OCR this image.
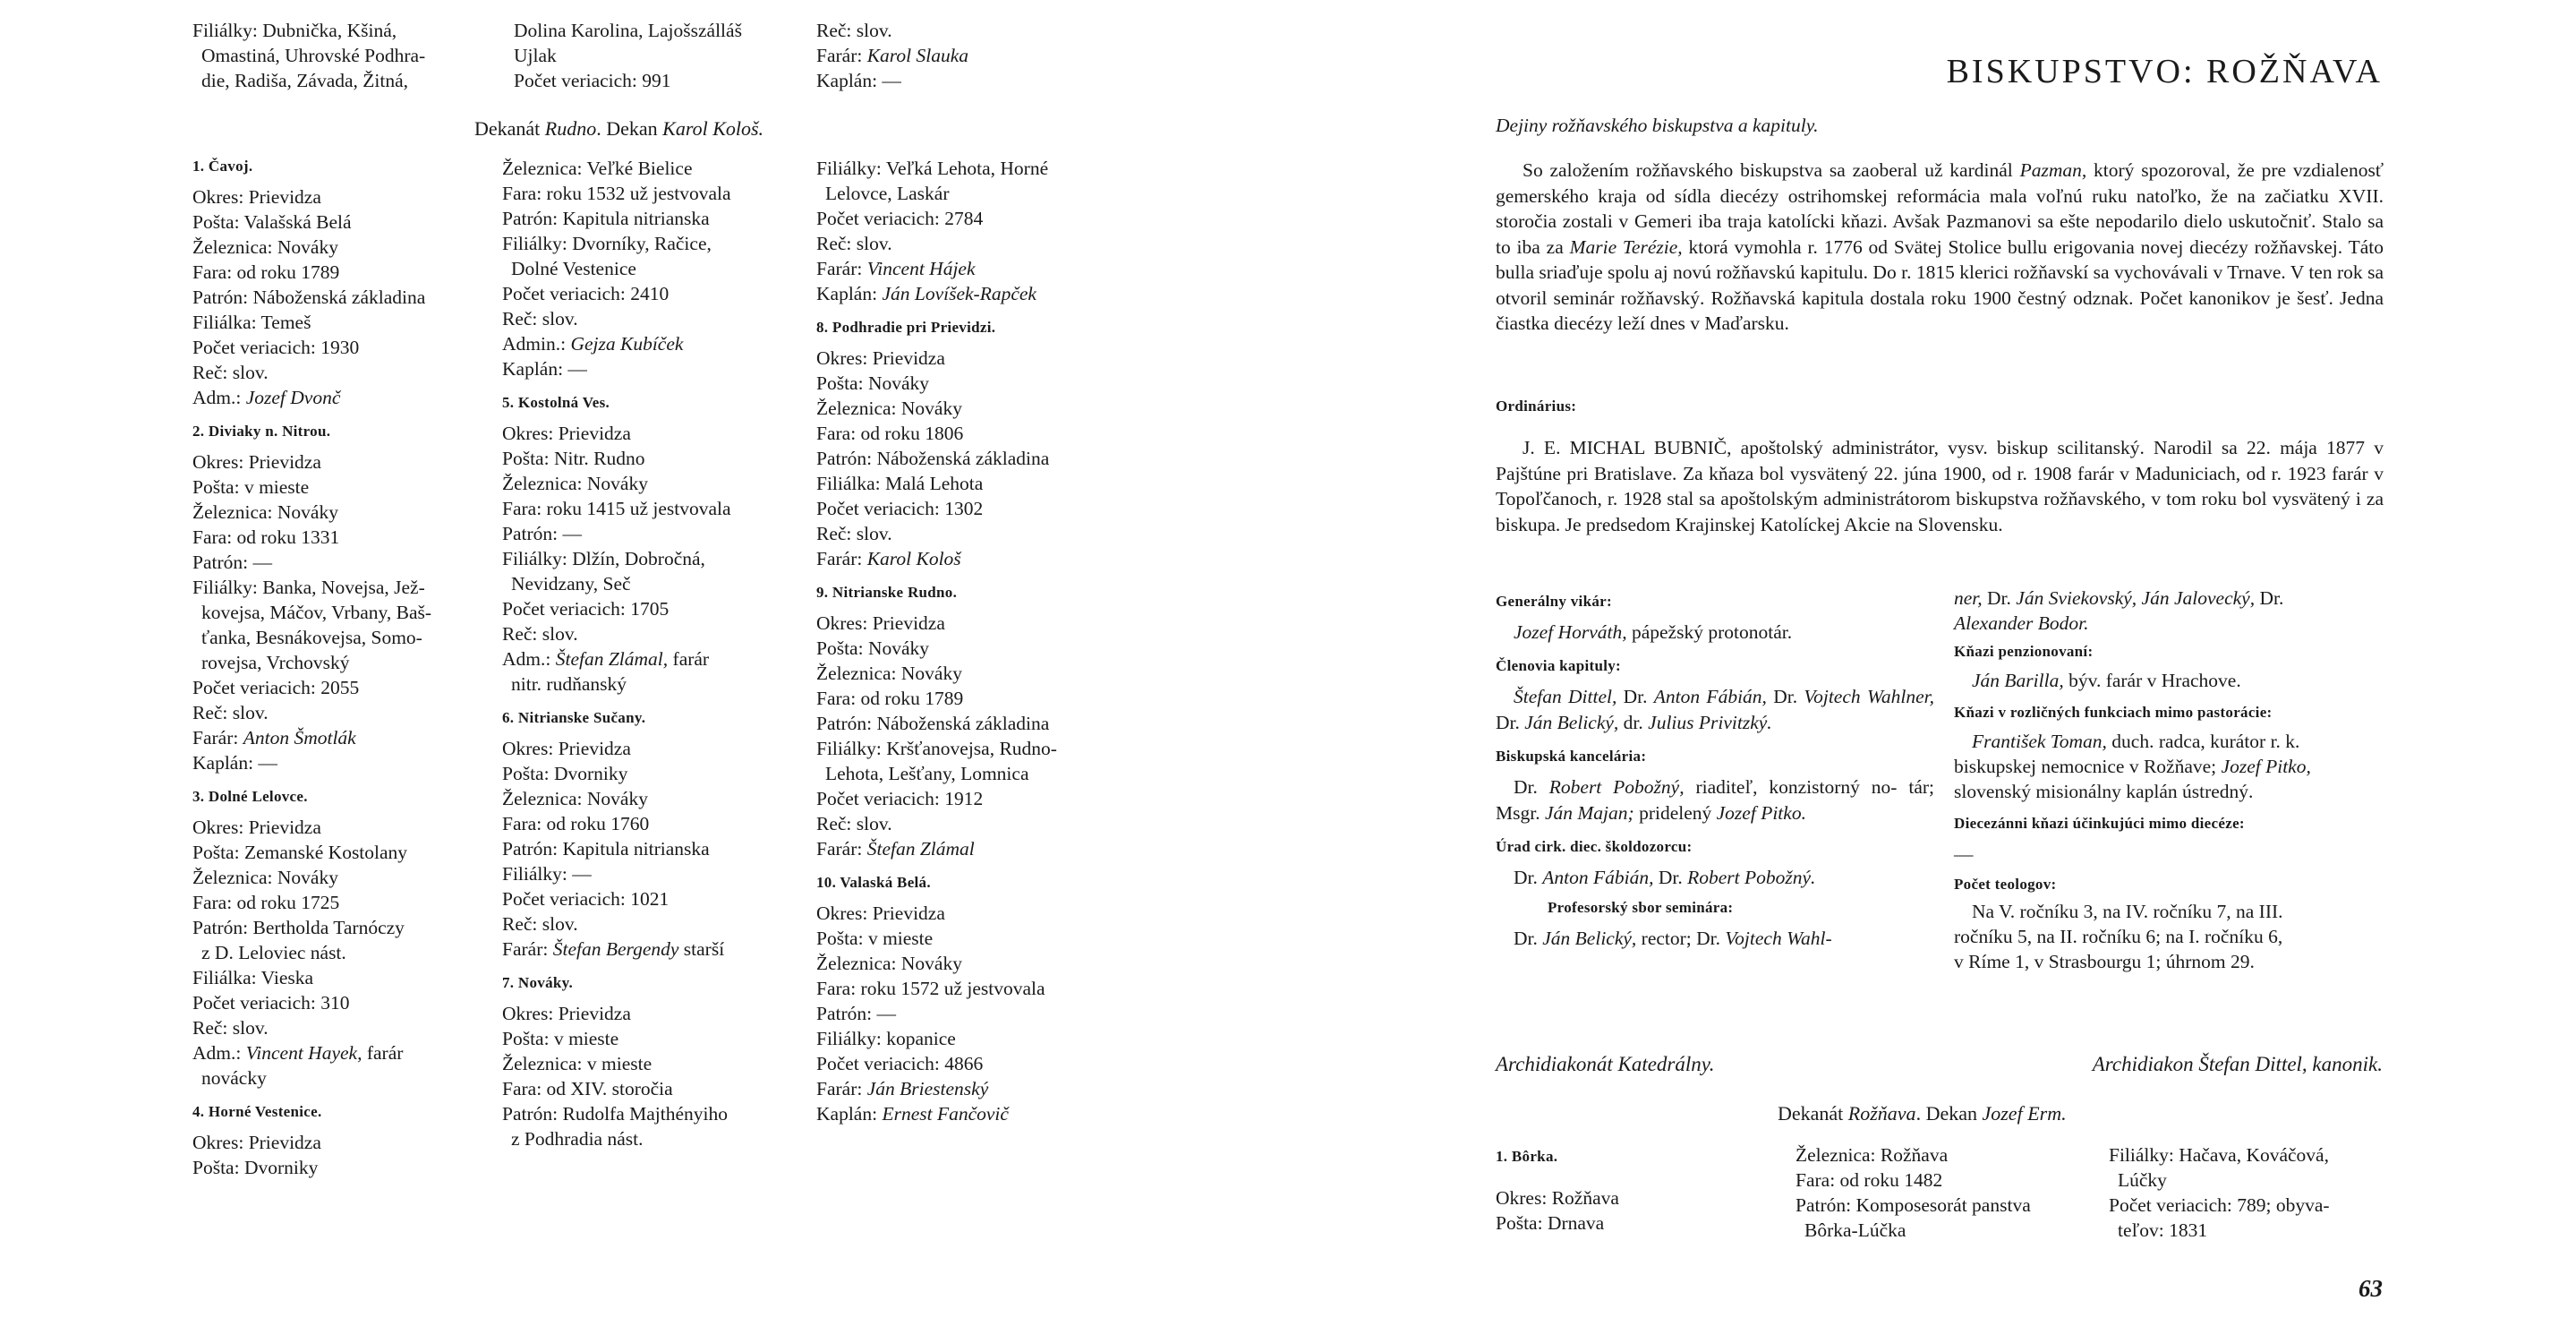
Filiálky: Dubnička, Kšiná,
Omastiná, Uhrovské Podhra-
die, Radiša, Závada, Žitná,
Dolina Karolina, Lajošszálláš
Ujlak
Počet veriacich: 991
Reč: slov.
Farár: Karol Slauka
Kaplán: —
Dekanát Rudno. Dekan Karol Kološ.
1. Čavoj.
Okres: Prievidza
Pošta: Valašská Belá
Železnica: Nováky
Fara: od roku 1789
Patrón: Náboženská základina
Filiálka: Temeš
Počet veriacich: 1930
Reč: slov.
Adm.: Jozef Dvonč
2. Diviaky n. Nitrou.
Okres: Prievidza
Pošta: v mieste
Železnica: Nováky
Fara: od roku 1331
Patrón: —
Filiálky: Banka, Novejsa, Jež-
kovejsa, Máčov, Vrbany, Baš-
ťanka, Besnákovejsa, Somo-
rovejsa, Vrchovský
Počet veriacich: 2055
Reč: slov.
Farár: Anton Šmotlák
Kaplán: —
3. Dolné Lelovce.
Okres: Prievidza
Pošta: Zemanské Kostolany
Železnica: Nováky
Fara: od roku 1725
Patrón: Bertholda Tarnóczy
z D. Leloviec nást.
Filiálka: Vieska
Počet veriacich: 310
Reč: slov.
Adm.: Vincent Hayek, farár
novácky
4. Horné Vestenice.
Okres: Prievidza
Pošta: Dvorniky
Železnica: Veľké Bielice
Fara: roku 1532 už jestvovala
Patrón: Kapitula nitrianska
Filiálky: Dvorníky, Račice,
Dolné Vestenice
Počet veriacich: 2410
Reč: slov.
Admin.: Gejza Kubíček
Kaplán: —
5. Kostolná Ves.
Okres: Prievidza
Pošta: Nitr. Rudno
Železnica: Nováky
Fara: roku 1415 už jestvovala
Patrón: —
Filiálky: Dlžín, Dobročná,
Nevidzany, Seč
Počet veriacich: 1705
Reč: slov.
Adm.: Štefan Zlámal, farár
nitr. rudňanský
6. Nitrianske Sučany.
Okres: Prievidza
Pošta: Dvorniky
Železnica: Nováky
Fara: od roku 1760
Patrón: Kapitula nitrianska
Filiálky: —
Počet veriacich: 1021
Reč: slov.
Farár: Štefan Bergendy starší
7. Nováky.
Okres: Prievidza
Pošta: v mieste
Železnica: v mieste
Fara: od XIV. storočia
Patrón: Rudolfa Majthényiho
z Podhradia nást.
Filiálky: Veľká Lehota, Horné
Lelovce, Laskár
Počet veriacich: 2784
Reč: slov.
Farár: Vincent Hájek
Kaplán: Ján Lovíšek-Rapček
8. Podhradie pri Prievidzi.
Okres: Prievidza
Pošta: Nováky
Železnica: Nováky
Fara: od roku 1806
Patrón: Náboženská základina
Filiálka: Malá Lehota
Počet veriacich: 1302
Reč: slov.
Farár: Karol Kološ
9. Nitrianske Rudno.
Okres: Prievidza
Pošta: Nováky
Železnica: Nováky
Fara: od roku 1789
Patrón: Náboženská základina
Filiálky: Kršťanovejsa, Rudno-
Lehota, Lešťany, Lomnica
Počet veriacich: 1912
Reč: slov.
Farár: Štefan Zlámal
10. Valaská Belá.
Okres: Prievidza
Pošta: v mieste
Železnica: Nováky
Fara: roku 1572 už jestvovala
Patrón: —
Filiálky: kopanice
Počet veriacich: 4866
Farár: Ján Briestenský
Kaplán: Ernest Fančovič
BISKUPSTVO: ROŽŇAVA
Dejiny rožňavského biskupstva a kapituly.
So založením rožňavského biskupstva sa zaoberal už kardinál Pazman, ktorý spozoroval, že pre vzdialenosť gemerského kraja od sídla diecézy ostrihomskej reformácia mala voľnú ruku natoľko, že na začiatku XVII. storočia zostali v Gemeri iba traja katolícki kňazi. Avšak Pazmanovi sa ešte nepodarilo dielo uskutočniť. Stalo sa to iba za Marie Terézie, ktorá vymohla r. 1776 od Svätej Stolice bullu erigovania novej diecézy rožňavskej. Táto bulla sriaďuje spolu aj novú rožňavskú kapitulu. Do r. 1815 klerici rožňavskí sa vychovávali v Trnave. V ten rok sa otvoril seminár rožňavský. Rožňavská kapitula dostala roku 1900 čestný odznak. Počet kanonikov je šesť. Jedna čiastka diecézy leží dnes v Maďarsku.
Ordinárius:
J. E. MICHAL BUBNIČ, apoštolský administrátor, vysv. biskup scilitanský. Narodil sa 22. mája 1877 v Pajštúne pri Bratislave. Za kňaza bol vysvätený 22. júna 1900, od r. 1908 farár v Maduniciach, od r. 1923 farár v Topoľčanoch, r. 1928 stal sa apoštolským administrátorom biskupstva rožňavského, v tom roku bol vysvätený i za biskupa. Je predsedom Krajinskej Katolíckej Akcie na Slovensku.
Generálny vikár:
Jozef Horváth, pápežský protonotár.
Členovia kapituly:
Štefan Dittel, Dr. Anton Fábián, Dr. Vojtech Wahlner, Dr. Ján Belický, dr. Julius Privitzký.
Biskupská kancelária:
Dr. Robert Pobožný, riaditeľ, konzistorný no- tár; Msgr. Ján Majan; pridelený Jozef Pitko.
Úrad cirk. diec. školdozorcu:
Dr. Anton Fábián, Dr. Robert Pobožný.
Profesorský sbor seminára:
Dr. Ján Belický, rector; Dr. Vojtech Wahl-
ner, Dr. Ján Sviekovský, Ján Jalovecký, Dr.
Alexander Bodor.
Kňazi penzionovaní:
Ján Barilla, býv. farár v Hrachove.
Kňazi v rozličných funkciach mimo pastorácie:
František Toman, duch. radca, kurátor r. k.
biskupskej nemocnice v Rožňave; Jozef Pitko,
slovenský misionálny kaplán ústredný.
Diecezánni kňazi účinkujúci mimo diecéze:
—
Počet teologov:
Na V. ročníku 3, na IV. ročníku 7, na III.
ročníku 5, na II. ročníku 6; na I. ročníku 6,
v Ríme 1, v Strasbourgu 1; úhrnom 29.
Archidiakonát Katedrálny.	Archidiakon Štefan Dittel, kanonik.
Dekanát Rožňava. Dekan Jozef Erm.
1. Bôrka.
Okres: Rožňava
Pošta: Drnava
Železnica: Rožňava
Fara: od roku 1482
Patrón: Komposesorát panstva
Bôrka-Lúčka
Filiálky: Hačava, Kováčová,
Lúčky
Počet veriacich: 789; obyva-
teľov: 1831
63
